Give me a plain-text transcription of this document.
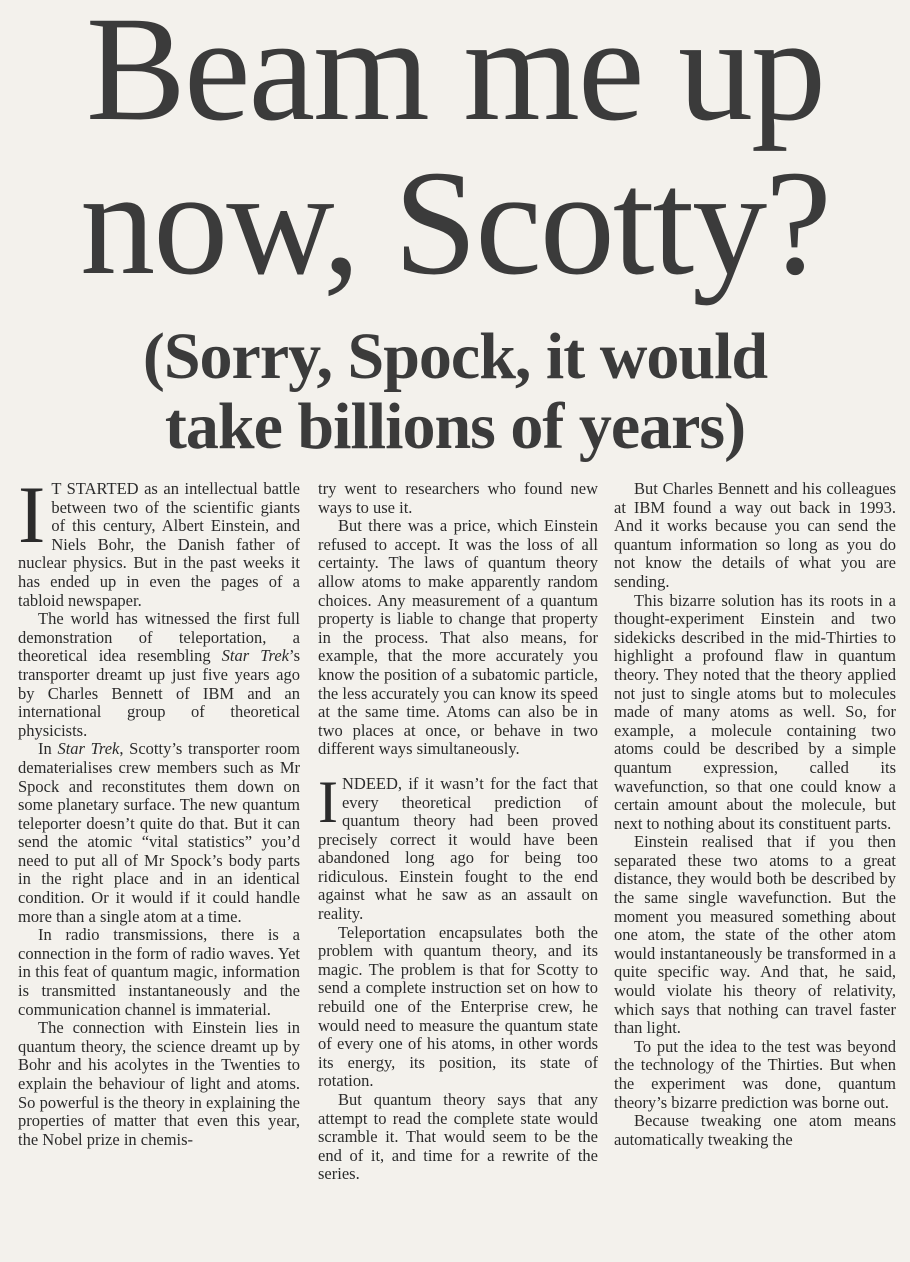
Beam me up
now, Scotty?
(Sorry, Spock, it would
take billions of years)

I T STARTED as an intellectual battle between two of the scientific giants of this century, Albert Einstein, and Niels Bohr, the Danish father of nuclear physics. But in the past weeks it has ended up in even the pages of a tabloid newspaper.

The world has witnessed the first full demonstration of teleportation, a theoretical idea resembling Star Trek’s transporter dreamt up just five years ago by Charles Bennett of IBM and an international group of theoretical physicists.

In Star Trek, Scotty’s transporter room dematerialises crew members such as Mr Spock and reconstitutes them down on some planetary surface. The new quantum teleporter doesn’t quite do that. But it can send the atomic “vital statistics” you’d need to put all of Mr Spock’s body parts in the right place and in an identical condition. Or it would if it could handle more than a single atom at a time.

In radio transmissions, there is a connection in the form of radio waves. Yet in this feat of quantum magic, information is transmitted instantaneously and the communication channel is immaterial.

The connection with Einstein lies in quantum theory, the science dreamt up by Bohr and his acolytes in the Twenties to explain the behaviour of light and atoms. So powerful is the theory in explaining the properties of matter that even this year, the Nobel prize in chemis-

try went to researchers who found new ways to use it.

But there was a price, which Einstein refused to accept. It was the loss of all certainty. The laws of quantum theory allow atoms to make apparently random choices. Any measurement of a quantum property is liable to change that property in the process. That also means, for example, that the more accurately you know the position of a subatomic particle, the less accurately you can know its speed at the same time. Atoms can also be in two places at once, or behave in two different ways simultaneously.

INDEED, if it wasn’t for the fact that every theoretical prediction of quantum theory had been proved precisely correct it would have been abandoned long ago for being too ridiculous. Einstein fought to the end against what he saw as an assault on reality.

Teleportation encapsulates both the problem with quantum theory, and its magic. The problem is that for Scotty to send a complete instruction set on how to rebuild one of the Enterprise crew, he would need to measure the quantum state of every one of his atoms, in other words its energy, its position, its state of rotation.

But quantum theory says that any attempt to read the complete state would scramble it. That would seem to be the end of it, and time for a rewrite of the series.

But Charles Bennett and his colleagues at IBM found a way out back in 1993. And it works because you can send the quantum information so long as you do not know the details of what you are sending.

This bizarre solution has its roots in a thought-experiment Einstein and two sidekicks described in the mid-Thirties to highlight a profound flaw in quantum theory. They noted that the theory applied not just to single atoms but to molecules made of many atoms as well. So, for example, a molecule containing two atoms could be described by a simple quantum expression, called its wavefunction, so that one could know a certain amount about the molecule, but next to nothing about its constituent parts.

Einstein realised that if you then separated these two atoms to a great distance, they would both be described by the same single wavefunction. But the moment you measured something about one atom, the state of the other atom would instantaneously be transformed in a quite specific way. And that, he said, would violate his theory of relativity, which says that nothing can travel faster than light.

To put the idea to the test was beyond the technology of the Thirties. But when the experiment was done, quantum theory’s bizarre prediction was borne out.

Because tweaking one atom means automatically tweaking the
